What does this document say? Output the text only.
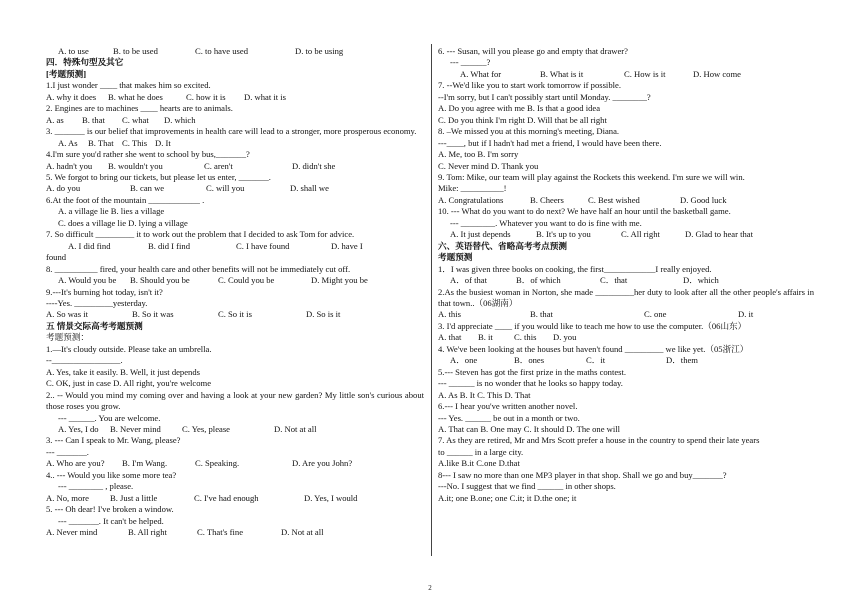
A. to use	B. to be used	C. to have used	D. to be using
四．特殊句型及其它
[考题预测]
1.I just wonder ____ that makes him so excited.
A. why it does	B. what he does	C. how it is	D. what it is
2. Engines are to machines ____ hearts are to animals.
A. as	B. that	C. what	D. which
3. _______ is our belief that improvements in health care will lead to a stronger, more prosperous economy.
A. As	B. That C. This D. It
4.I'm sure you'd rather she went to school by bus,_______?
A. hadn't you	B. wouldn't you	C. aren't	D. didn't she
5. We forgot to bring our tickets, but please let us enter, _______.
A. do you	B. can we	C. will you	D. shall we
6.At the foot of the mountain ____________ .
A. a village lie B. lies a village
C. does a village lie D. lying a village
7. So difficult _________ it to work out the problem that I decided to ask Tom for advice.
A. I did find	B. did I find	C. I have found	D. have I
found
8. __________ fired, your health care and other benefits will not be immediately cut off.
A. Would you be	B. Should you be	C. Could you be	D. Might you be
9.---It's burning hot today, isn't it?
----Yes. _________yesterday.
A. So was it	B. So it was	C. So it is	D. So is it
五 情景交际高考考题预测
考题预测：
1.—It's cloudy outside. Please take an umbrella.
--________________.
A. Yes, take it easily. B. Well, it just depends
C. OK, just in case D. All right, you're welcome
2.. -- Would you mind my coming over and having a look at your new garden? My little son's curious about those roses you grow.
--- ______. You are welcome.
A. Yes, I do	B. Never mind	C. Yes, please	D. Not at all
3. --- Can I speak to Mr. Wang, please?
--- _______.
A. Who are you?	B. I'm Wang.	C. Speaking.	D. Are you John?
4.. --- Would you like some more tea?
--- ________ , please.
A. No, more	B. Just a little	C. I've had enough	D. Yes, I would
5. --- Oh dear! I've broken a window.
--- _______. It can't be helped.
A. Never mind	B. All right	C. That's fine	D. Not at all
6. --- Susan, will you please go and empty that drawer?
--- ______?
A. What for	B. What is it	C. How is it	D. How come
7. --We'd like you to start work tomorrow if possible.
--I'm sorry, but I can't possibly start until Monday. ________?
A. Do you agree with me B. Is that a good idea
C. Do you think I'm right D. Will that be all right
8. –We missed you at this morning's meeting, Diana.
---____, but if I hadn't had met a friend, I would have been there.
A. Me, too B. I'm sorry
C. Never mind D. Thank you
9. Tom: Mike, our team will play against the Rockets this weekend. I'm sure we will win.
Mike: __________!
A. Congratulations	B. Cheers	C. Best wished	D. Good luck
10. --- What do you want to do next? We have half an hour until the basketball game.
--- ________. Whatever you want to do is fine with me.
A. It just depends	B. It's up to you	C. All right	D. Glad to hear that
六、英语替代、省略高考考点预测
考题预测
1．I was given three books on cooking, the first____________I really enjoyed.
A．of that	B．of which	C．that	D．which
2.As the busiest woman in Norton, she made _________her duty to look after all the other people's affairs in that town..（06湖南）
A. this	B. that	C. one	D. it
3. I'd appreciate ____ if you would like to teach me how to use the computer.（06山东）
A. that	B. it	C. this	D. you
4. We've been looking at the houses but haven't found _________ we like yet.（05浙江）
A．one	B．ones	C．it	D．them
5.--- Steven has got the first prize in the maths contest.
--- ______ is no wonder that he looks so happy today.
A. As B. It C. This D. That
6.--- I hear you've written another novel.
--- Yes. ______ be out in a month or two.
A. That can B. One may C. It should D. The one will
7. As they are retired, Mr and Mrs Scott prefer a house in the country to spend their late years
to ______ in a large city.
A.like B.it C.one D.that
8--- I saw no more than one MP3 player in that shop. Shall we go and buy_______?
---No. I suggest that we find ______ in other shops.
A.it; one B.one; one C.it; it D.the one; it
2
